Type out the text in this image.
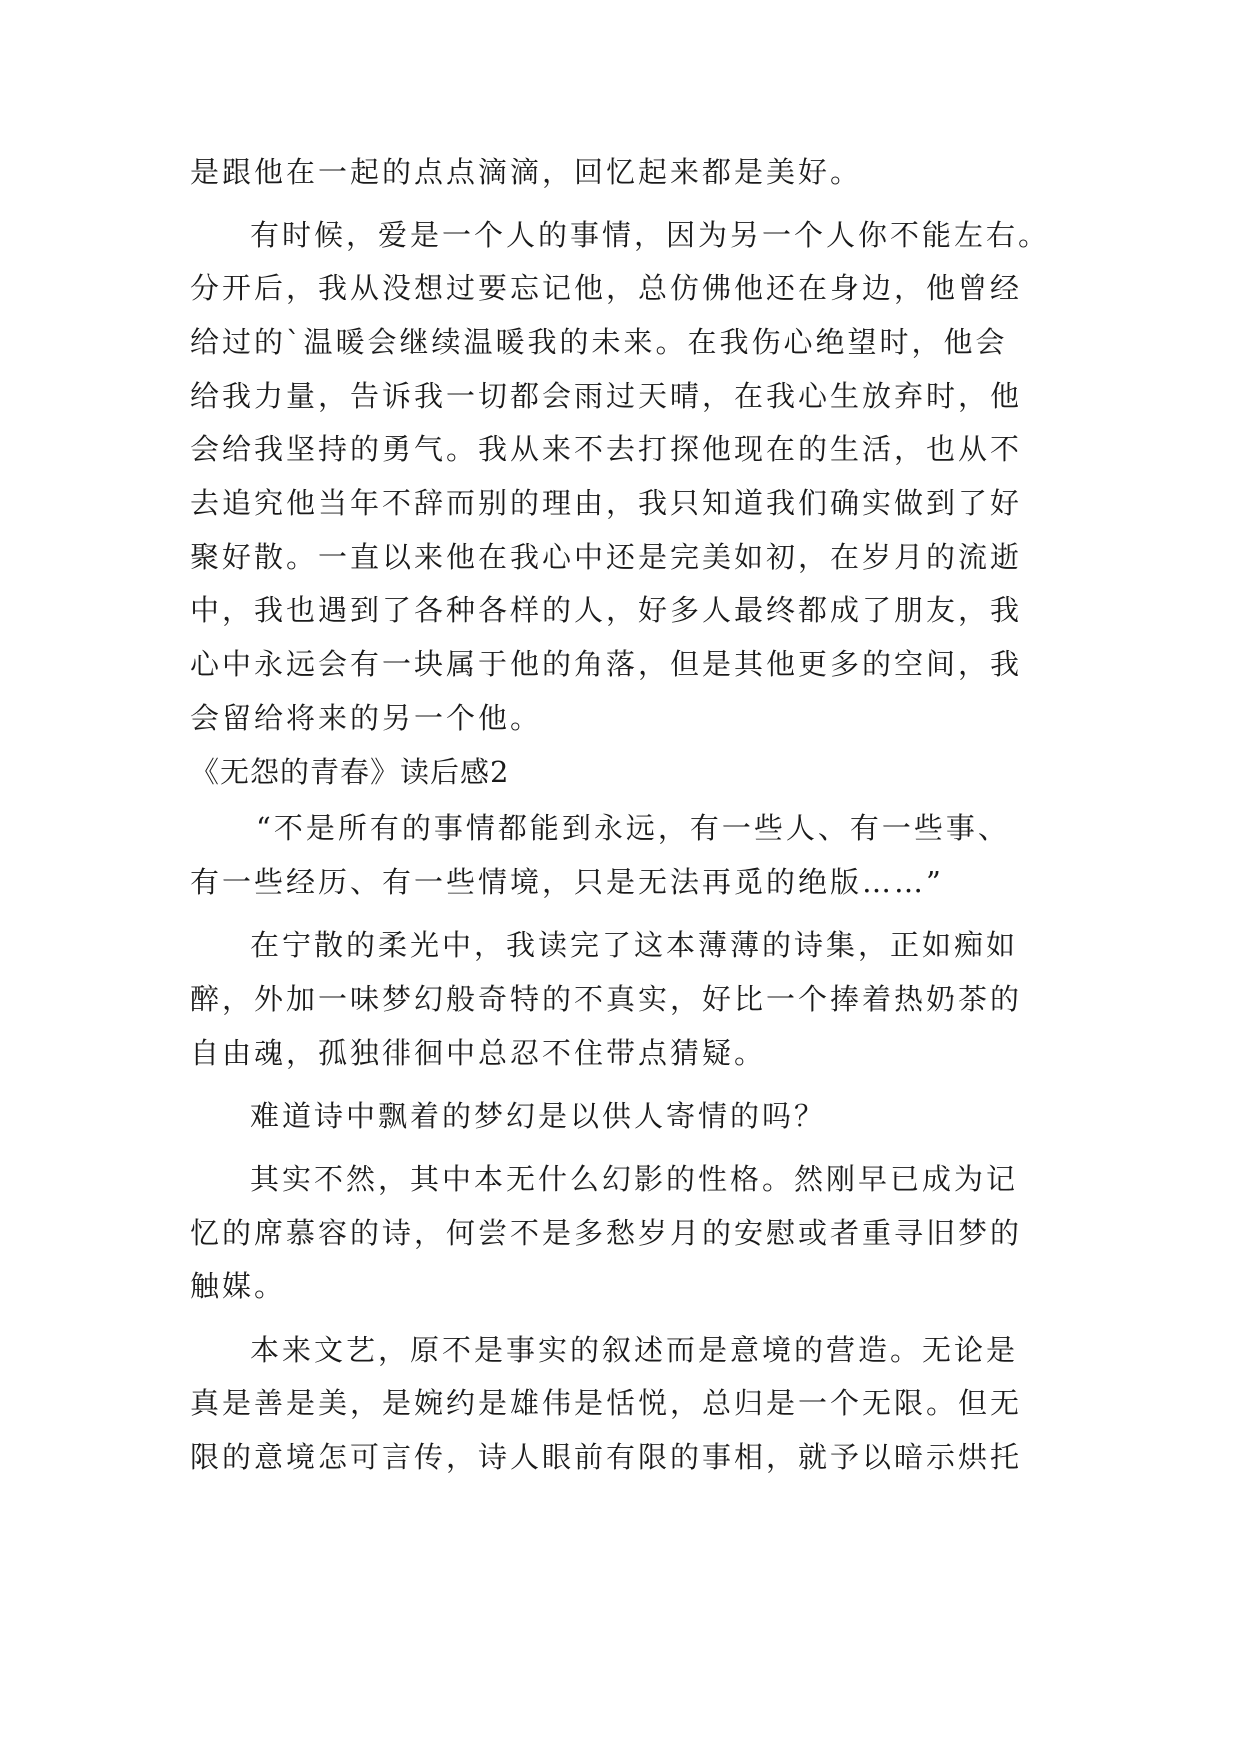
是跟他在一起的点点滴滴，回忆起来都是美好。
有时候，爱是一个人的事情，因为另一个人你不能左右。
分开后，我从没想过要忘记他，总仿佛他还在身边，他曾经
给过的`温暖会继续温暖我的未来。在我伤心绝望时，他会
给我力量，告诉我一切都会雨过天晴，在我心生放弃时，他
会给我坚持的勇气。我从来不去打探他现在的生活，也从不
去追究他当年不辞而别的理由，我只知道我们确实做到了好
聚好散。一直以来他在我心中还是完美如初，在岁月的流逝
中，我也遇到了各种各样的人，好多人最终都成了朋友，我
心中永远会有一块属于他的角落，但是其他更多的空间，我
会留给将来的另一个他。
《无怨的青春》读后感2
“不是所有的事情都能到永远，有一些人、有一些事、
有一些经历、有一些情境，只是无法再觅的绝版……”
在宁散的柔光中，我读完了这本薄薄的诗集，正如痴如
醉，外加一味梦幻般奇特的不真实，好比一个捧着热奶茶的
自由魂，孤独徘徊中总忍不住带点猜疑。
难道诗中飘着的梦幻是以供人寄情的吗？
其实不然，其中本无什么幻影的性格。然刚早已成为记
忆的席慕容的诗，何尝不是多愁岁月的安慰或者重寻旧梦的
触媒。
本来文艺，原不是事实的叙述而是意境的营造。无论是
真是善是美，是婉约是雄伟是恬悦，总归是一个无限。但无
限的意境怎可言传，诗人眼前有限的事相，就予以暗示烘托
